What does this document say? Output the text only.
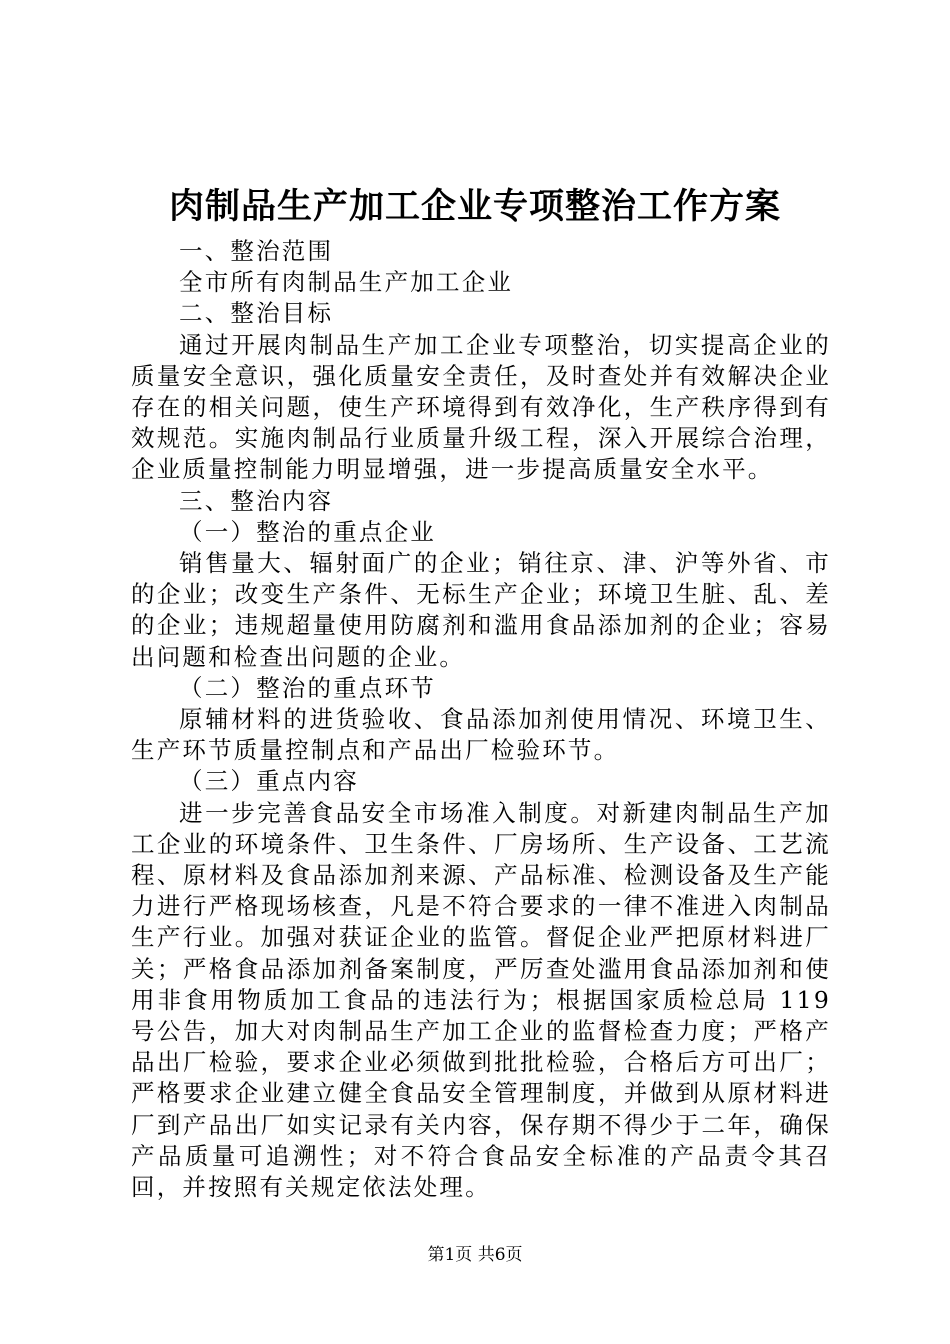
肉制品生产加工企业专项整治工作方案

一、整治范围

全市所有肉制品生产加工企业

二、整治目标

通过开展肉制品生产加工企业专项整治，切实提高企业的质量安全意识，强化质量安全责任，及时查处并有效解决企业存在的相关问题，使生产环境得到有效净化，生产秩序得到有效规范。实施肉制品行业质量升级工程，深入开展综合治理，企业质量控制能力明显增强，进一步提高质量安全水平。

三、整治内容

（一）整治的重点企业

销售量大、辐射面广的企业；销往京、津、沪等外省、市的企业；改变生产条件、无标生产企业；环境卫生脏、乱、差的企业；违规超量使用防腐剂和滥用食品添加剂的企业；容易出问题和检查出问题的企业。

（二）整治的重点环节

原辅材料的进货验收、食品添加剂使用情况、环境卫生、生产环节质量控制点和产品出厂检验环节。

（三）重点内容

进一步完善食品安全市场准入制度。对新建肉制品生产加工企业的环境条件、卫生条件、厂房场所、生产设备、工艺流程、原材料及食品添加剂来源、产品标准、检测设备及生产能力进行严格现场核查，凡是不符合要求的一律不准进入肉制品生产行业。加强对获证企业的监管。督促企业严把原材料进厂关；严格食品添加剂备案制度，严厉查处滥用食品添加剂和使用非食用物质加工食品的违法行为；根据国家质检总局 119 号公告，加大对肉制品生产加工企业的监督检查力度；严格产品出厂检验，要求企业必须做到批批检验，合格后方可出厂；严格要求企业建立健全食品安全管理制度，并做到从原材料进厂到产品出厂如实记录有关内容，保存期不得少于二年，确保产品质量可追溯性；对不符合食品安全标准的产品责令其召回，并按照有关规定依法处理。

第1页 共6页
